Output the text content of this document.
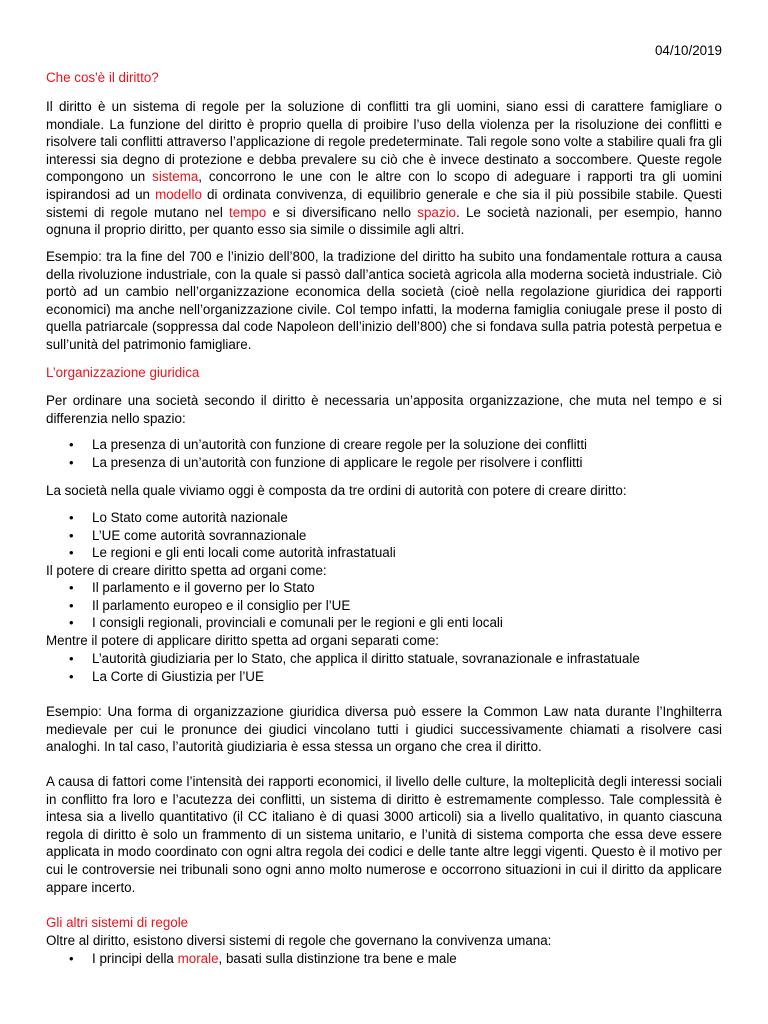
04/10/2019
Che cos'è il diritto?
Il diritto è un sistema di regole per la soluzione di conflitti tra gli uomini, siano essi di carattere famigliare o mondiale. La funzione del diritto è proprio quella di proibire l’uso della violenza per la risoluzione dei conflitti e risolvere tali conflitti attraverso l’applicazione di regole predeterminate. Tali regole sono volte a stabilire quali fra gli interessi sia degno di protezione e debba prevalere su ciò che è invece destinato a soccombere. Queste regole compongono un sistema, concorrono le une con le altre con lo scopo di adeguare i rapporti tra gli uomini ispirandosi ad un modello di ordinata convivenza, di equilibrio generale e che sia il più possibile stabile. Questi sistemi di regole mutano nel tempo e si diversificano nello spazio. Le società nazionali, per esempio, hanno ognuna il proprio diritto, per quanto esso sia simile o dissimile agli altri.
Esempio: tra la fine del 700 e l’inizio dell’800, la tradizione del diritto ha subito una fondamentale rottura a causa della rivoluzione industriale, con la quale si passò dall’antica società agricola alla moderna società industriale. Ciò portò ad un cambio nell’organizzazione economica della società (cioè nella regolazione giuridica dei rapporti economici) ma anche nell’organizzazione civile. Col tempo infatti, la moderna famiglia coniugale prese il posto di quella patriarcale (soppressa dal code Napoleon dell’inizio dell’800) che si fondava sulla patria potestà perpetua e sull’unità del patrimonio famigliare.
L’organizzazione giuridica
Per ordinare una società secondo il diritto è necessaria un’apposita organizzazione, che muta nel tempo e si differenzia nello spazio:
• La presenza di un’autorità con funzione di creare regole per la soluzione dei conflitti
• La presenza di un’autorità con funzione di applicare le regole per risolvere i conflitti
La società nella quale viviamo oggi è composta da tre ordini di autorità con potere di creare diritto:
• Lo Stato come autorità nazionale
• L’UE come autorità sovrannazionale
• Le regioni e gli enti locali come autorità infrastatuali
Il potere di creare diritto spetta ad organi come:
• Il parlamento e il governo per lo Stato
• Il parlamento europeo e il consiglio per l’UE
• I consigli regionali, provinciali e comunali per le regioni e gli enti locali
Mentre il potere di applicare diritto spetta ad organi separati come:
• L’autorità giudiziaria per lo Stato, che applica il diritto statuale, sovranazionale e infrastatuale
• La Corte di Giustizia per l’UE
Esempio: Una forma di organizzazione giuridica diversa può essere la Common Law nata durante l’Inghilterra medievale per cui le pronunce dei giudici vincolano tutti i giudici successivamente chiamati a risolvere casi analoghi. In tal caso, l’autorità giudiziaria è essa stessa un organo che crea il diritto.
A causa di fattori come l’intensità dei rapporti economici, il livello delle culture, la molteplicità degli interessi sociali in conflitto fra loro e l’acutezza dei conflitti, un sistema di diritto è estremamente complesso. Tale complessità è intesa sia a livello quantitativo (il CC italiano è di quasi 3000 articoli) sia a livello qualitativo, in quanto ciascuna regola di diritto è solo un frammento di un sistema unitario, e l’unità di sistema comporta che essa deve essere applicata in modo coordinato con ogni altra regola dei codici e delle tante altre leggi vigenti. Questo è il motivo per cui le controversie nei tribunali sono ogni anno molto numerose e occorrono situazioni in cui il diritto da applicare appare incerto.
Gli altri sistemi di regole
Oltre al diritto, esistono diversi sistemi di regole che governano la convivenza umana:
• I principi della morale, basati sulla distinzione tra bene e male
